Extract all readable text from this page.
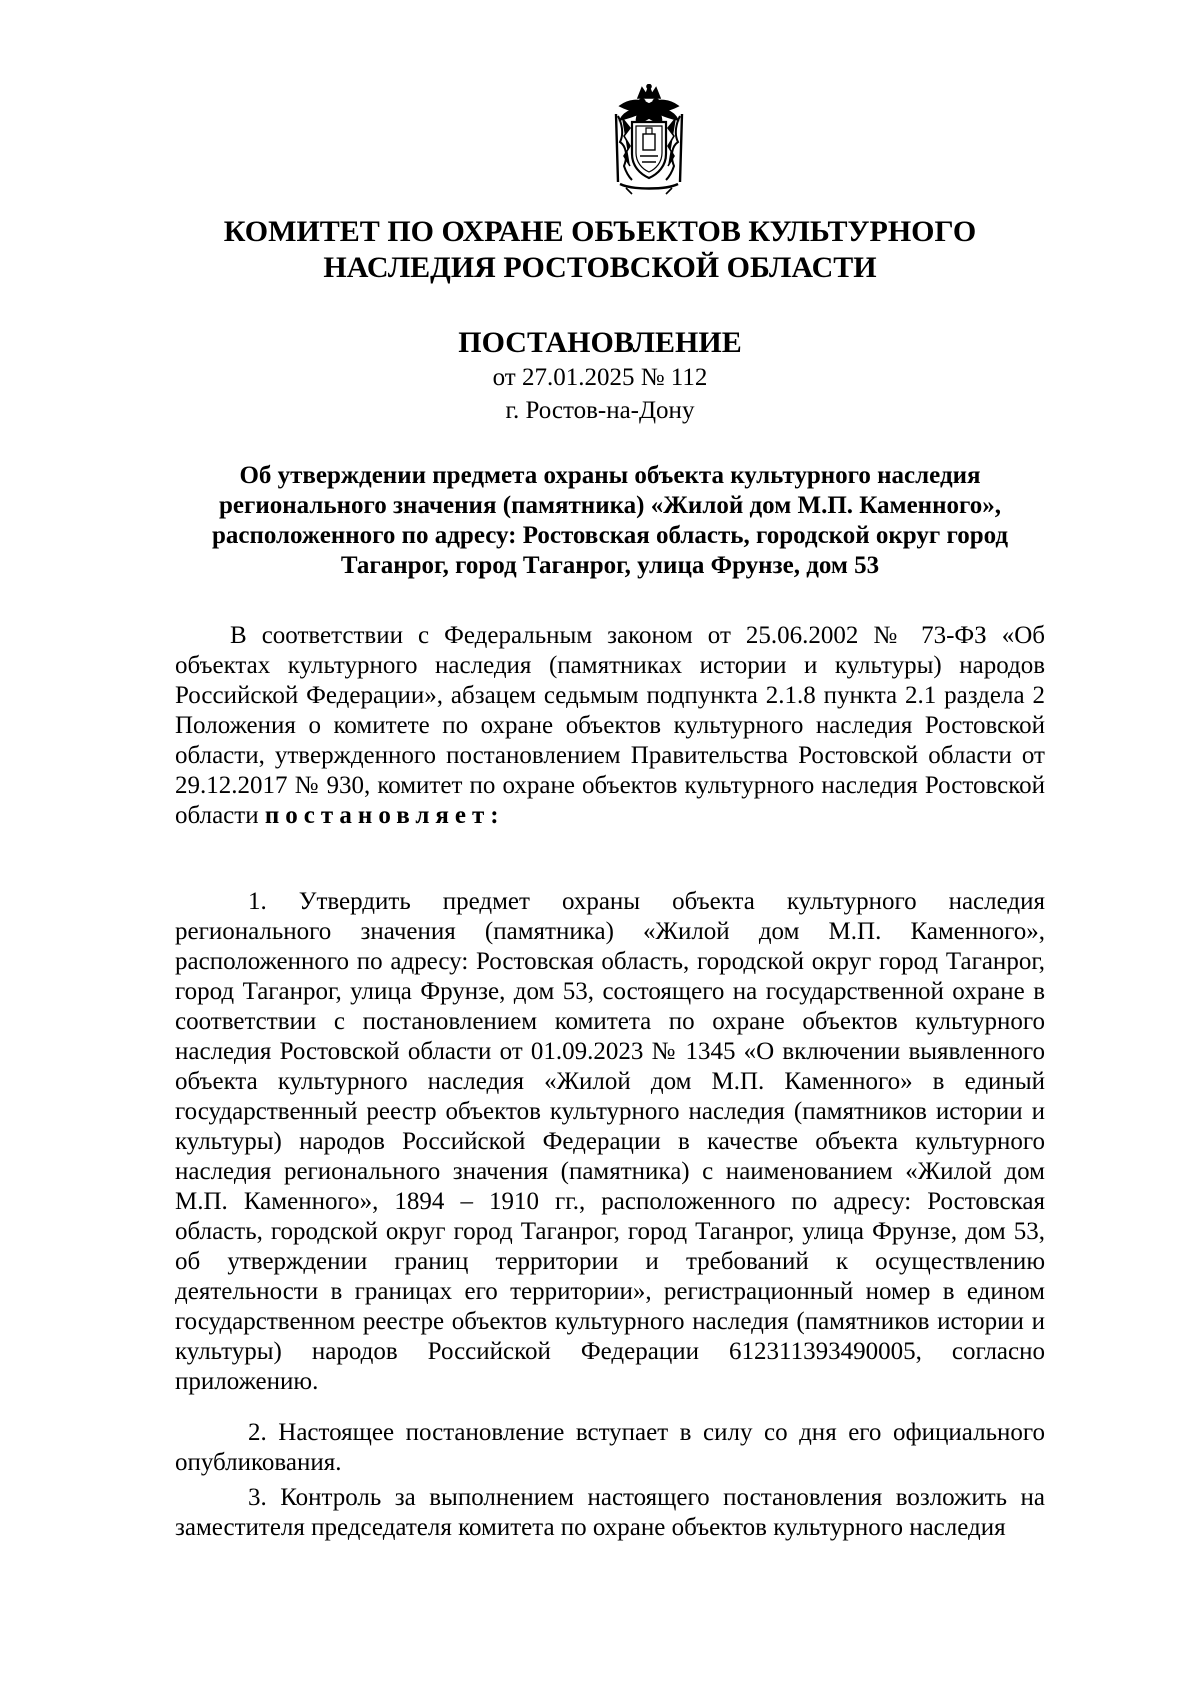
КОМИТЕТ ПО ОХРАНЕ ОБЪЕКТОВ КУЛЬТУРНОГО
НАСЛЕДИЯ РОСТОВСКОЙ ОБЛАСТИ
ПОСТАНОВЛЕНИЕ
от 27.01.2025 № 112
г. Ростов-на-Дону
Об утверждении предмета охраны объекта культурного наследия
регионального значения (памятника) «Жилой дом М.П. Каменного»,
расположенного по адресу: Ростовская область, городской округ город
Таганрог, город Таганрог, улица Фрунзе, дом 53

В соответствии с Федеральным законом от 25.06.2002 № 73-ФЗ «Об объектах культурного наследия (памятниках истории и культуры) народов Российской Федерации», абзацем седьмым подпункта 2.1.8 пункта 2.1 раздела 2 Положения о комитете по охране объектов культурного наследия Ростовской области, утвержденного постановлением Правительства Ростовской области от 29.12.2017 № 930, комитет по охране объектов культурного наследия Ростовской области постановляет:

1. Утвердить предмет охраны объекта культурного наследия регионального значения (памятника) «Жилой дом М.П. Каменного», расположенного по адресу: Ростовская область, городской округ город Таганрог, город Таганрог, улица Фрунзе, дом 53, состоящего на государственной охране в соответствии с постановлением комитета по охране объектов культурного наследия Ростовской области от 01.09.2023 № 1345 «О включении выявленного объекта культурного наследия «Жилой дом М.П. Каменного» в единый государственный реестр объектов культурного наследия (памятников истории и культуры) народов Российской Федерации в качестве объекта культурного наследия регионального значения (памятника) с наименованием «Жилой дом М.П. Каменного», 1894 – 1910 гг., расположенного по адресу: Ростовская область, городской округ город Таганрог, город Таганрог, улица Фрунзе, дом 53, об утверждении границ территории и требований к осуществлению деятельности в границах его территории», регистрационный номер в едином государственном реестре объектов культурного наследия (памятников истории и культуры) народов Российской Федерации 612311393490005, согласно приложению.

2. Настоящее постановление вступает в силу со дня его официального опубликования.

3. Контроль за выполнением настоящего постановления возложить на заместителя председателя комитета по охране объектов культурного наследия
